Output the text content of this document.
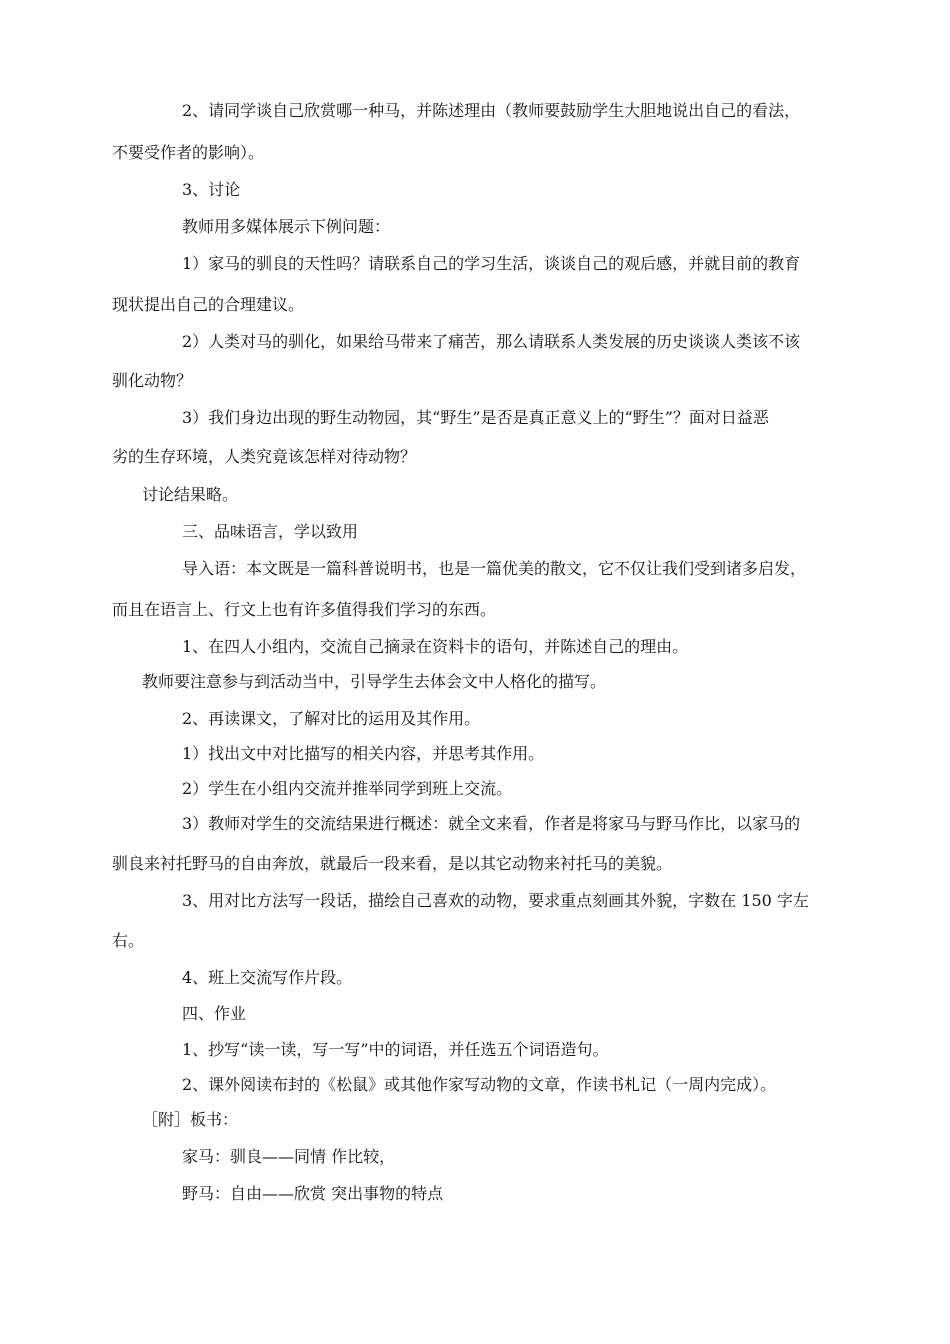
2、请同学谈自己欣赏哪一种马，并陈述理由（教师要鼓励学生大胆地说出自己的看法，
不要受作者的影响）。
3、讨论
教师用多媒体展示下例问题：
1）家马的驯良的天性吗？请联系自己的学习生活，谈谈自己的观后感，并就目前的教育
现状提出自己的合理建议。
2）人类对马的驯化，如果给马带来了痛苦，那么请联系人类发展的历史谈谈人类该不该
驯化动物？
3）我们身边出现的野生动物园，其“野生”是否是真正意义上的“野生”？面对日益恶
劣的生存环境，人类究竟该怎样对待动物？
讨论结果略。
三、品味语言，学以致用
导入语：本文既是一篇科普说明书，也是一篇优美的散文，它不仅让我们受到诸多启发，
而且在语言上、行文上也有许多值得我们学习的东西。
1、在四人小组内，交流自己摘录在资料卡的语句，并陈述自己的理由。
教师要注意参与到活动当中，引导学生去体会文中人格化的描写。
2、再读课文，了解对比的运用及其作用。
1）找出文中对比描写的相关内容，并思考其作用。
2）学生在小组内交流并推举同学到班上交流。
3）教师对学生的交流结果进行概述：就全文来看，作者是将家马与野马作比，以家马的
驯良来衬托野马的自由奔放，就最后一段来看，是以其它动物来衬托马的美貌。
3、用对比方法写一段话，描绘自己喜欢的动物，要求重点刻画其外貌，字数在 150 字左
右。
4、班上交流写作片段。
四、作业
1、抄写“读一读，写一写”中的词语，并任选五个词语造句。
2、课外阅读布封的《松鼠》或其他作家写动物的文章，作读书札记（一周内完成）。
［附］板书：
家马：驯良——同情 作比较，
野马：自由——欣赏 突出事物的特点
